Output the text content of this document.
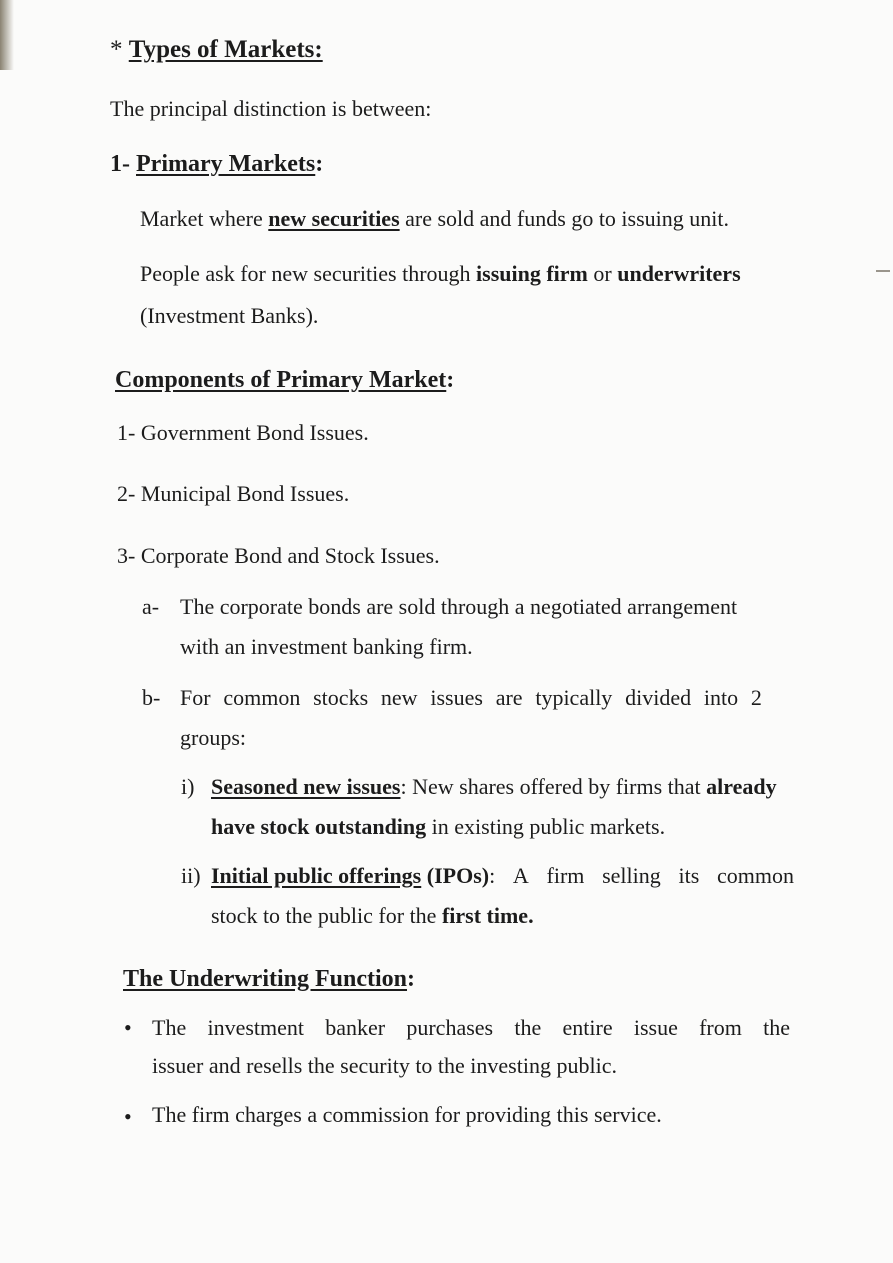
* Types of Markets:
The principal distinction is between:
1- Primary Markets:
Market where new securities are sold and funds go to issuing unit.
People ask for new securities through issuing firm or underwriters
(Investment Banks).
Components of Primary Market:
1- Government Bond Issues.
2- Municipal Bond Issues.
3- Corporate Bond and Stock Issues.
a- The corporate bonds are sold through a negotiated arrangement
with an investment banking firm.
b- For common stocks new issues are typically divided into 2
groups:
i) Seasoned new issues: New shares offered by firms that already
have stock outstanding in existing public markets.
ii) Initial public offerings (IPOs): A firm selling its common
stock to the public for the first time.
The Underwriting Function:
• The investment banker purchases the entire issue from the
issuer and resells the security to the investing public.
• The firm charges a commission for providing this service.
